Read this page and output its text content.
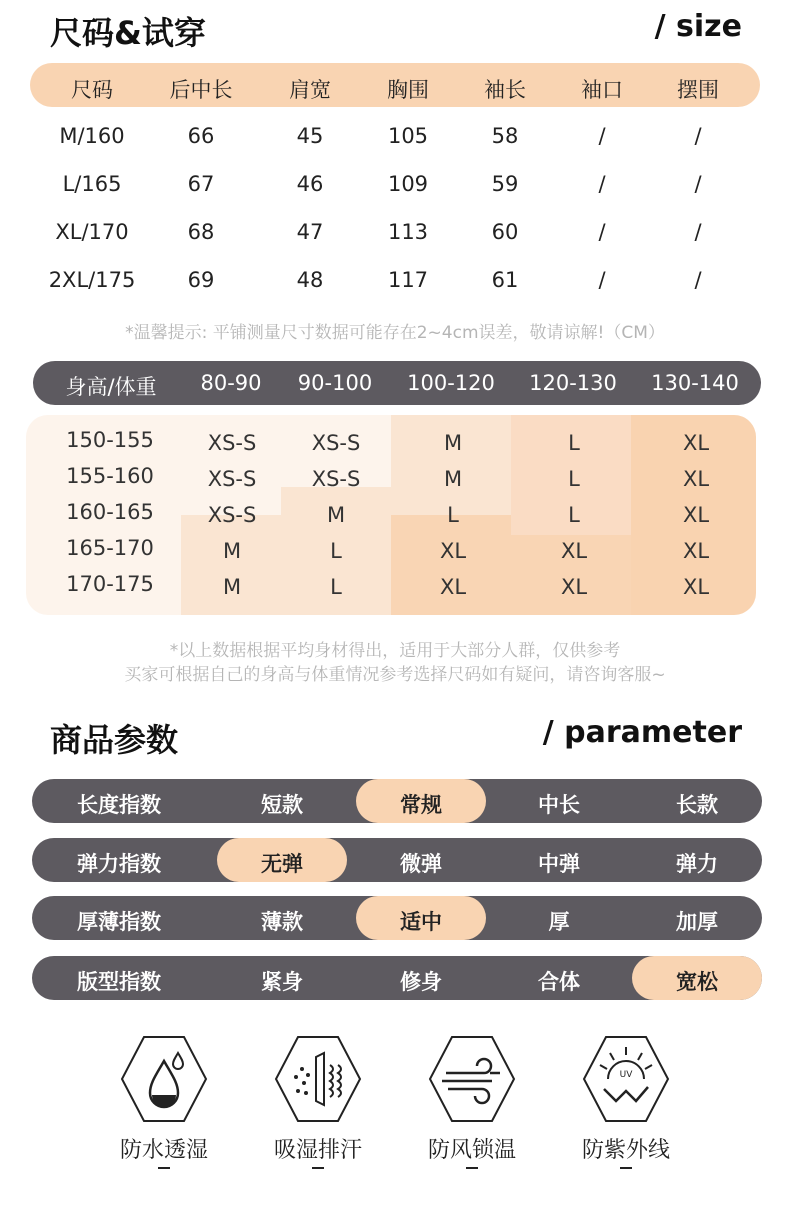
尺码&试穿	/ size
尺码	后中长	肩宽	胸围	袖长	袖口	摆围
M/160	66	45	105	58	/	/
L/165	67	46	109	59	/	/
XL/170	68	47	113	60	/	/
2XL/175 69	48	117	61	/	/
*温馨提示: 平铺测量尺寸数据可能存在2~4cm误差，敬请谅解!（CM）
身高/体重 80-90 90-100 100-120 120-130 130-140
150-155	XS-S	XS-S	M	L	XL
155-160	XS-S	XS-S	M	L	XL
160-165	XS-S	M	L	L	XL
165-170	M	L	XL	XL	XL
170-175	M	L	XL	XL	XL
*以上数据根据平均身材得出，适用于大部分人群，仅供参考
买家可根据自己的身高与体重情况参考选择尺码如有疑问，请咨询客服~
商品参数	/ parameter
长度指数	短款	常规	中长	长款
弹力指数	无弹	微弹	中弹	弹力
厚薄指数	薄款	适中	厚	加厚
版型指数	紧身	修身	合体	宽松
UV
防水透湿	吸湿排汗	防风锁温	防紫外线
